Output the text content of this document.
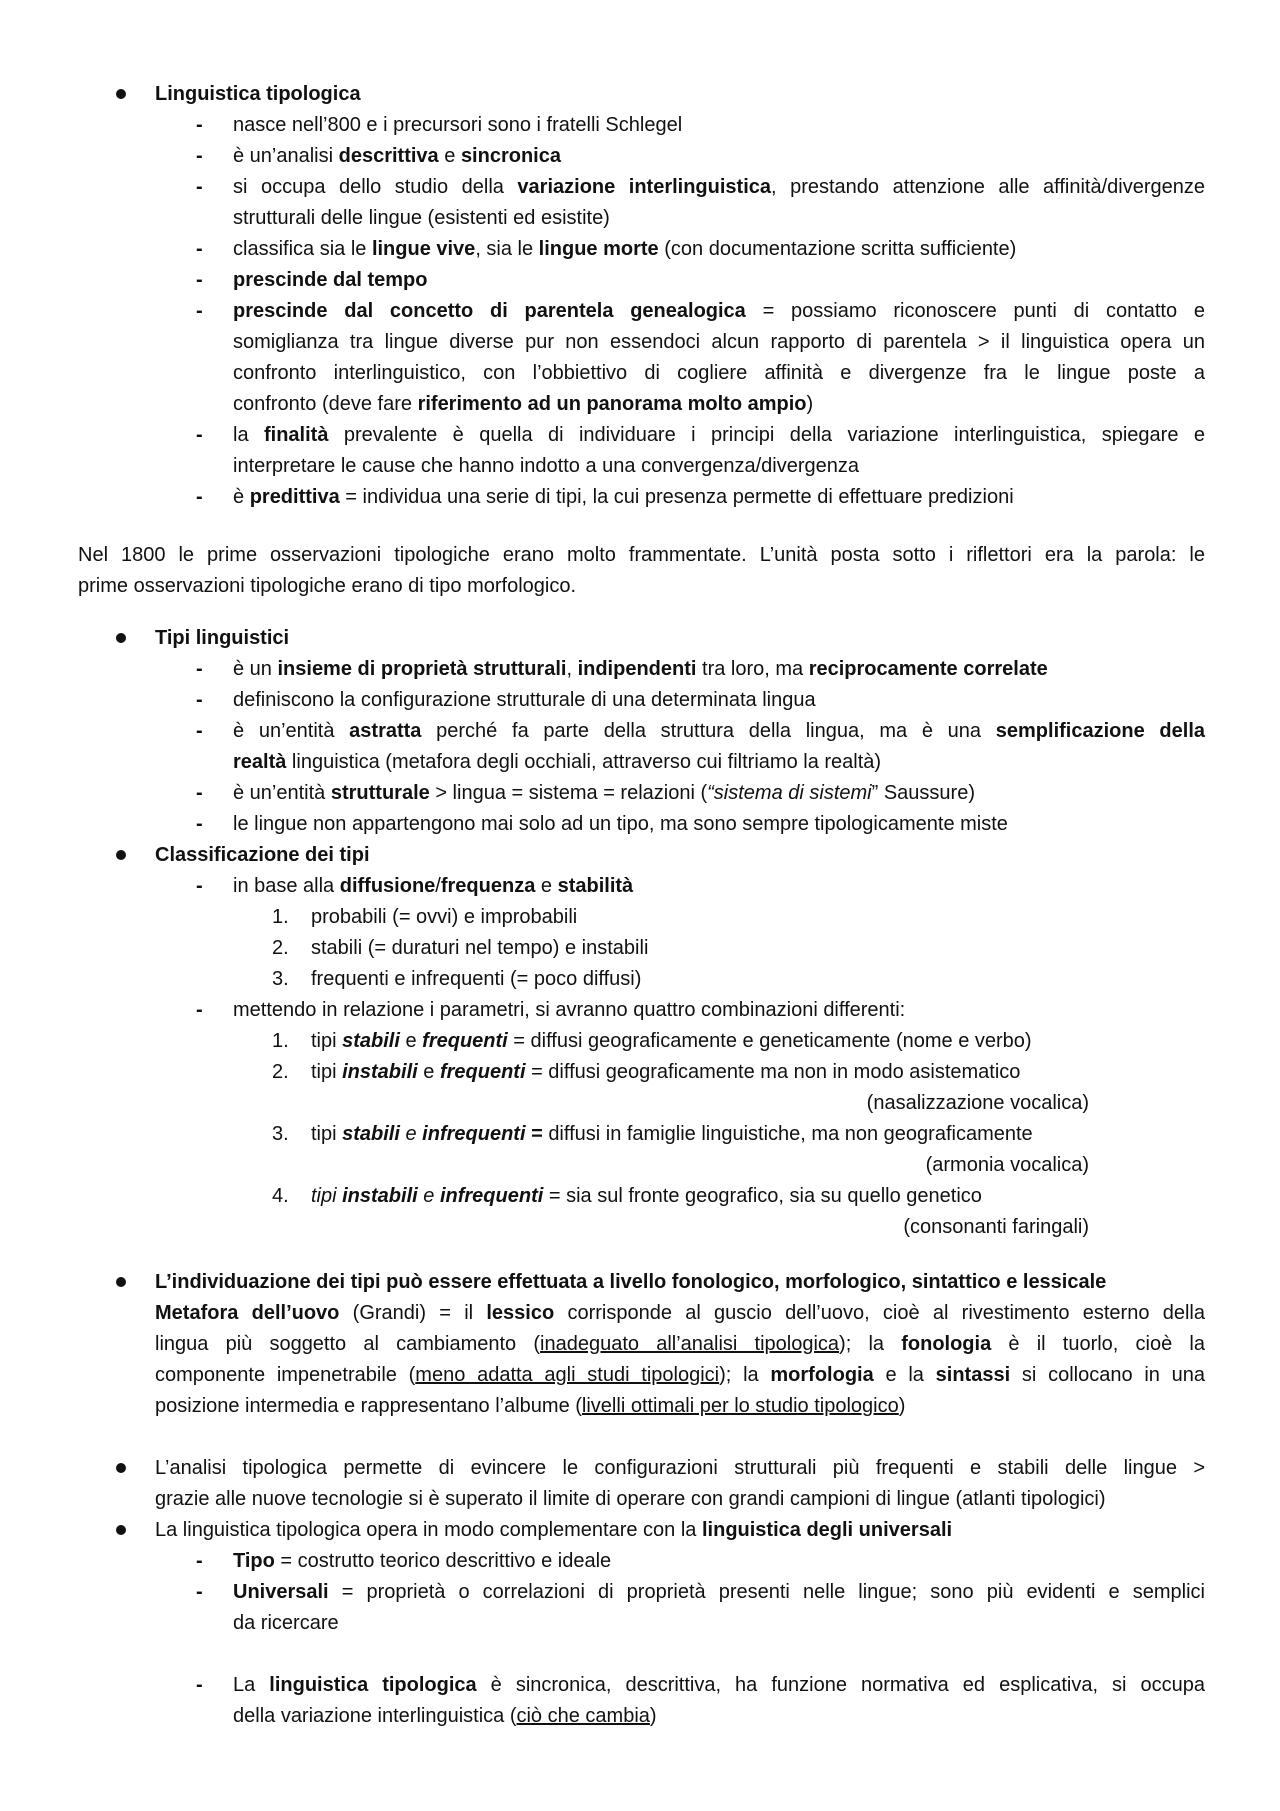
Linguistica tipologica
- nasce nell’800 e i precursori sono i fratelli Schlegel
- è un’analisi descrittiva e sincronica
- si occupa dello studio della variazione interlinguistica, prestando attenzione alle affinità/divergenze
strutturali delle lingue (esistenti ed esistite)
- classifica sia le lingue vive, sia le lingue morte (con documentazione scritta sufficiente)
- prescinde dal tempo
- prescinde dal concetto di parentela genealogica = possiamo riconoscere punti di contatto e
somiglianza tra lingue diverse pur non essendoci alcun rapporto di parentela > il linguistica opera un
confronto interlinguistico, con l’obbiettivo di cogliere affinità e divergenze fra le lingue poste a
confronto (deve fare riferimento ad un panorama molto ampio)
- la finalità prevalente è quella di individuare i principi della variazione interlinguistica, spiegare e
interpretare le cause che hanno indotto a una convergenza/divergenza
- è predittiva = individua una serie di tipi, la cui presenza permette di effettuare predizioni
Nel 1800 le prime osservazioni tipologiche erano molto frammentate. L’unità posta sotto i riflettori era la parola: le
prime osservazioni tipologiche erano di tipo morfologico.
Tipi linguistici
- è un insieme di proprietà strutturali, indipendenti tra loro, ma reciprocamente correlate
- definiscono la configurazione strutturale di una determinata lingua
- è un’entità astratta perché fa parte della struttura della lingua, ma è una semplificazione della
realtà linguistica (metafora degli occhiali, attraverso cui filtriamo la realtà)
- è un’entità strutturale > lingua = sistema = relazioni (“sistema di sistemi” Saussure)
- le lingue non appartengono mai solo ad un tipo, ma sono sempre tipologicamente miste
Classificazione dei tipi
- in base alla diffusione/frequenza e stabilità
1. probabili (= ovvi) e improbabili
2. stabili (= duraturi nel tempo) e instabili
3. frequenti e infrequenti (= poco diffusi)
- mettendo in relazione i parametri, si avranno quattro combinazioni differenti:
1. tipi stabili e frequenti = diffusi geograficamente e geneticamente (nome e verbo)
2. tipi instabili e frequenti = diffusi geograficamente ma non in modo asistematico
(nasalizzazione vocalica)
3. tipi stabili e infrequenti = diffusi in famiglie linguistiche, ma non geograficamente
(armonia vocalica)
4. tipi instabili e infrequenti = sia sul fronte geografico, sia su quello genetico
(consonanti faringali)
L’individuazione dei tipi può essere effettuata a livello fonologico, morfologico, sintattico e lessicale
Metafora dell’uovo (Grandi) = il lessico corrisponde al guscio dell’uovo, cioè al rivestimento esterno della
lingua più soggetto al cambiamento (inadeguato all’analisi tipologica); la fonologia è il tuorlo, cioè la
componente impenetrabile (meno adatta agli studi tipologici); la morfologia e la sintassi si collocano in una
posizione intermedia e rappresentano l’albume (livelli ottimali per lo studio tipologico)
L’analisi tipologica permette di evincere le configurazioni strutturali più frequenti e stabili delle lingue >
grazie alle nuove tecnologie si è superato il limite di operare con grandi campioni di lingue (atlanti tipologici)
La linguistica tipologica opera in modo complementare con la linguistica degli universali
- Tipo = costrutto teorico descrittivo e ideale
- Universali = proprietà o correlazioni di proprietà presenti nelle lingue; sono più evidenti e semplici
da ricercare
- La linguistica tipologica è sincronica, descrittiva, ha funzione normativa ed esplicativa, si occupa
della variazione interlinguistica (ciò che cambia)
